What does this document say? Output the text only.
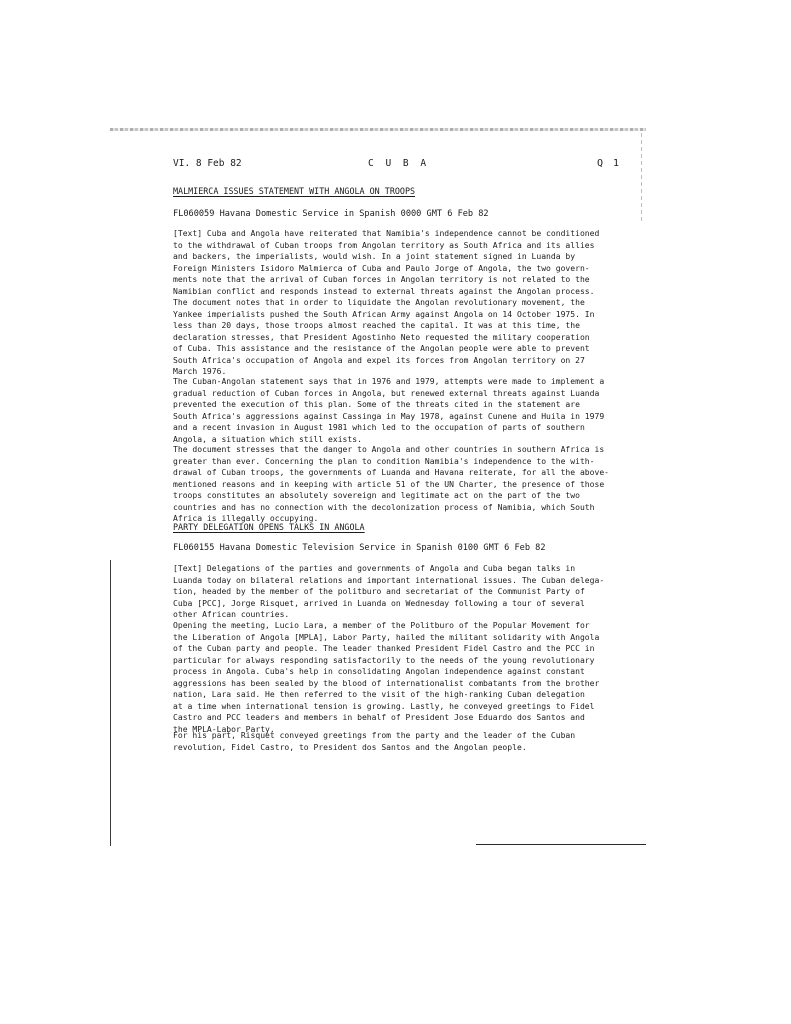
VI. 8 Feb 82	C U B A	Q 1
MALMIERCA ISSUES STATEMENT WITH ANGOLA ON TROOPS
FL060059 Havana Domestic Service in Spanish 0000 GMT 6 Feb 82
[Text] Cuba and Angola have reiterated that Namibia's independence cannot be conditioned
to the withdrawal of Cuban troops from Angolan territory as South Africa and its allies
and backers, the imperialists, would wish. In a joint statement signed in Luanda by
Foreign Ministers Isidoro Malmierca of Cuba and Paulo Jorge of Angola, the two govern-
ments note that the arrival of Cuban forces in Angolan territory is not related to the
Namibian conflict and responds instead to external threats against the Angolan process.
The document notes that in order to liquidate the Angolan revolutionary movement, the
Yankee imperialists pushed the South African Army against Angola on 14 October 1975. In
less than 20 days, those troops almost reached the capital. It was at this time, the
declaration stresses, that President Agostinho Neto requested the military cooperation
of Cuba. This assistance and the resistance of the Angolan people were able to prevent
South Africa's occupation of Angola and expel its forces from Angolan territory on 27
March 1976.
The Cuban-Angolan statement says that in 1976 and 1979, attempts were made to implement a
gradual reduction of Cuban forces in Angola, but renewed external threats against Luanda
prevented the execution of this plan. Some of the threats cited in the statement are
South Africa's aggressions against Cassinga in May 1978, against Cunene and Huila in 1979
and a recent invasion in August 1981 which led to the occupation of parts of southern
Angola, a situation which still exists.
The document stresses that the danger to Angola and other countries in southern Africa is
greater than ever. Concerning the plan to condition Namibia's independence to the with-
drawal of Cuban troops, the governments of Luanda and Havana reiterate, for all the above-
mentioned reasons and in keeping with article 51 of the UN Charter, the presence of those
troops constitutes an absolutely sovereign and legitimate act on the part of the two
countries and has no connection with the decolonization process of Namibia, which South
Africa is illegally occupying.
PARTY DELEGATION OPENS TALKS IN ANGOLA
FL060155 Havana Domestic Television Service in Spanish 0100 GMT 6 Feb 82
[Text] Delegations of the parties and governments of Angola and Cuba began talks in
Luanda today on bilateral relations and important international issues. The Cuban delega-
tion, headed by the member of the politburo and secretariat of the Communist Party of
Cuba [PCC], Jorge Risquet, arrived in Luanda on Wednesday following a tour of several
other African countries.
Opening the meeting, Lucio Lara, a member of the Politburo of the Popular Movement for
the Liberation of Angola [MPLA], Labor Party, hailed the militant solidarity with Angola
of the Cuban party and people. The leader thanked President Fidel Castro and the PCC in
particular for always responding satisfactorily to the needs of the young revolutionary
process in Angola. Cuba's help in consolidating Angolan independence against constant
aggressions has been sealed by the blood of internationalist combatants from the brother
nation, Lara said. He then referred to the visit of the high-ranking Cuban delegation
at a time when international tension is growing. Lastly, he conveyed greetings to Fidel
Castro and PCC leaders and members in behalf of President Jose Eduardo dos Santos and
the MPLA-Labor Party.
For his part, Risquet conveyed greetings from the party and the leader of the Cuban
revolution, Fidel Castro, to President dos Santos and the Angolan people.
